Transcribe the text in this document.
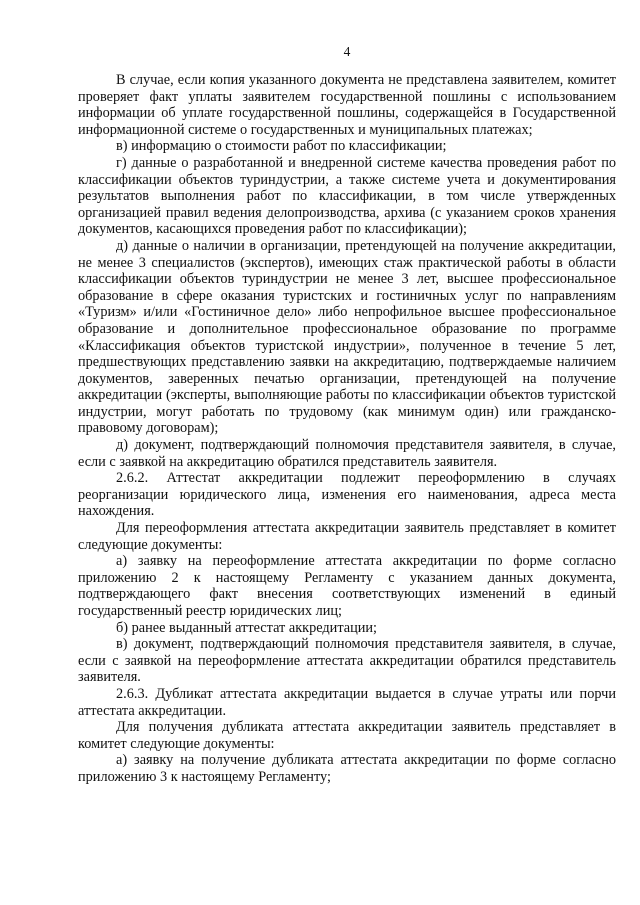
4

В случае, если копия указанного документа не представлена заявителем, комитет проверяет факт уплаты заявителем государственной пошлины с использованием информации об уплате государственной пошлины, содержащейся в Государственной информационной системе о государственных и муниципальных платежах;

в) информацию о стоимости работ по классификации;

г) данные о разработанной и внедренной системе качества проведения работ по классификации объектов туриндустрии, а также системе учета и документирования результатов выполнения работ по классификации, в том числе утвержденных организацией правил ведения делопроизводства, архива (с указанием сроков хранения документов, касающихся проведения работ по классификации);

д) данные о наличии в организации, претендующей на получение аккредитации, не менее 3 специалистов (экспертов), имеющих стаж практической работы в области классификации объектов туриндустрии не менее 3 лет, высшее профессиональное образование в сфере оказания туристских и гостиничных услуг по направлениям «Туризм» и/или «Гостиничное дело» либо непрофильное высшее профессиональное образование и дополнительное профессиональное образование по программе «Классификация объектов туристской индустрии», полученное в течение 5 лет, предшествующих представлению заявки на аккредитацию, подтверждаемые наличием документов, заверенных печатью организации, претендующей на получение аккредитации (эксперты, выполняющие работы по классификации объектов туристской индустрии, могут работать по трудовому (как минимум один) или гражданско-правовому договорам);

д) документ, подтверждающий полномочия представителя заявителя, в случае, если с заявкой на аккредитацию обратился представитель заявителя.

2.6.2. Аттестат аккредитации подлежит переоформлению в случаях реорганизации юридического лица, изменения его наименования, адреса места нахождения.

Для переоформления аттестата аккредитации заявитель представляет в комитет следующие документы:

а) заявку на переоформление аттестата аккредитации по форме согласно приложению 2 к настоящему Регламенту с указанием данных документа, подтверждающего факт внесения соответствующих изменений в единый государственный реестр юридических лиц;

б) ранее выданный аттестат аккредитации;

в) документ, подтверждающий полномочия представителя заявителя, в случае, если с заявкой на переоформление аттестата аккредитации обратился представитель заявителя.

2.6.3. Дубликат аттестата аккредитации выдается в случае утраты или порчи аттестата аккредитации.

Для получения дубликата аттестата аккредитации заявитель представляет в комитет следующие документы:

а) заявку на получение дубликата аттестата аккредитации по форме согласно приложению 3 к настоящему Регламенту;
